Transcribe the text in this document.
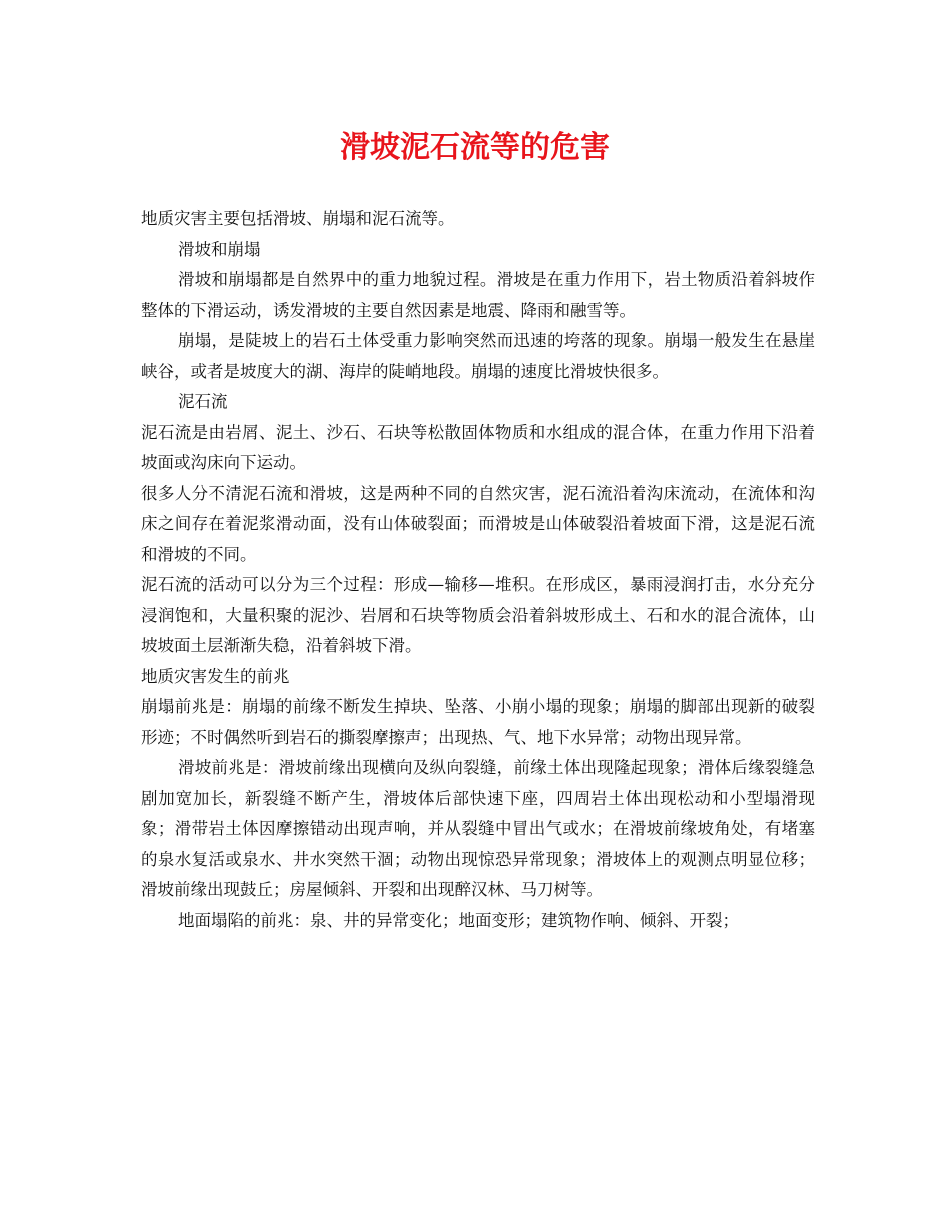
滑坡泥石流等的危害

地质灾害主要包括滑坡、崩塌和泥石流等。

滑坡和崩塌

滑坡和崩塌都是自然界中的重力地貌过程。滑坡是在重力作用下，岩土物质沿着斜坡作整体的下滑运动，诱发滑坡的主要自然因素是地震、降雨和融雪等。

崩塌，是陡坡上的岩石土体受重力影响突然而迅速的垮落的现象。崩塌一般发生在悬崖峡谷，或者是坡度大的湖、海岸的陡峭地段。崩塌的速度比滑坡快很多。

泥石流

泥石流是由岩屑、泥土、沙石、石块等松散固体物质和水组成的混合体，在重力作用下沿着坡面或沟床向下运动。

很多人分不清泥石流和滑坡，这是两种不同的自然灾害，泥石流沿着沟床流动，在流体和沟床之间存在着泥浆滑动面，没有山体破裂面；而滑坡是山体破裂沿着坡面下滑，这是泥石流和滑坡的不同。

泥石流的活动可以分为三个过程：形成—输移—堆积。在形成区，暴雨浸润打击，水分充分浸润饱和，大量积聚的泥沙、岩屑和石块等物质会沿着斜坡形成土、石和水的混合流体，山坡坡面土层渐渐失稳，沿着斜坡下滑。

地质灾害发生的前兆

崩塌前兆是：崩塌的前缘不断发生掉块、坠落、小崩小塌的现象；崩塌的脚部出现新的破裂形迹；不时偶然听到岩石的撕裂摩擦声；出现热、气、地下水异常；动物出现异常。

滑坡前兆是：滑坡前缘出现横向及纵向裂缝，前缘土体出现隆起现象；滑体后缘裂缝急剧加宽加长，新裂缝不断产生，滑坡体后部快速下座，四周岩土体出现松动和小型塌滑现象；滑带岩土体因摩擦错动出现声响，并从裂缝中冒出气或水；在滑坡前缘坡角处，有堵塞的泉水复活或泉水、井水突然干涸；动物出现惊恐异常现象；滑坡体上的观测点明显位移；滑坡前缘出现鼓丘；房屋倾斜、开裂和出现醉汉林、马刀树等。

地面塌陷的前兆：泉、井的异常变化；地面变形；建筑物作响、倾斜、开裂；
